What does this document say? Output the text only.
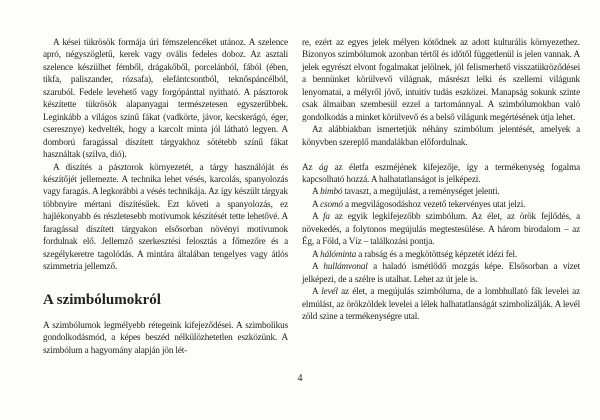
A kései tükrösök formája úri fémszelencéket utánoz. A szelence apró, négyszögletű, kerek vagy ovális fedeles doboz. Az asztali szelence készülhet fémből, drágakőből, porcelánból, fából (ében, tikfa, paliszander, rózsafa), elefántcsontból, teknőspáncélból, szaruból. Fedele levehető vagy forgópánttal nyitható. A pásztorok készítette tükrösök alapanyagai természetesen egyszerűbbek. Leginkább a világos színű fákat (vadkörte, jávor, kecskerágó, éger, cseresznye) kedvelték, hogy a karcolt minta jól látható legyen. A domború faragással díszített tárgyakhoz sötétebb színű fákat használtak (szilva, dió).

A díszítés a pásztorok környezetét, a tárgy használóját és készítőjét jellemezte. A technika lehet vésés, karcolás, spanyolozás vagy faragás. A legkorábbi a vésés technikája. Az így készült tárgyak többnyire mértani díszítésűek. Ezt követi a spanyolozás, ez hajlékonyabb és részletesebb motívumok készítését tette lehetővé. A faragással díszített tárgyakon elsősorban növényi motívumok fordulnak elő. Jellemző szerkesztési felosztás a főmezőre és a szegélykeretre tagolódás. A mintára általában tengelyes vagy átlós szimmetria jellemző.

A szimbólumokról

A szimbólumok legmélyebb rétegeink kifejeződései. A szimbolikus gondolkodásmód, a képes beszéd nélkülözhetetlen eszközünk. A szimbólum a hagyomány alapján jön lét-

re, ezért az egyes jelek mélyen kötődnek az adott kulturális környezethez. Bizonyos szimbólumok azonban tértől és időtől függetlenül is jelen vannak. A jelek egyrészt elvont fogalmakat jelölnek, jól felismerhető visszatükröződései a bennünket körülvevő világnak, másrészt lelki és szellemi világunk lenyomatai, a mélyről jövő, intuitív tudás eszközei. Manapság sokunk szinte csak álmaiban szembesül ezzel a tartománnyal. A szimbólumokban való gondolkodás a minket körülvevő és a belső világunk megértésének útja lehet.

Az alábbiakban ismertetjük néhány szimbólum jelentését, amelyek a könyvben szereplő mandalákban előfordulnak.

Az ág az életfa eszméjének kifejezője, így a termékenység fogalma kapcsolható hozzá. A halhatatlanságot is jelképezi.

A bimbó tavaszt, a megújulást, a reménységet jelenti.

A csomó a megvilágosodáshoz vezető tekervényes utat jelzi.

A fa az egyik legkifejezőbb szimbólum. Az élet, az örök fejlődés, a növekedés, a folytonos megújulás megtestesülése. A három birodalom – az Ég, a Föld, a Víz – találkozási pontja.

A hálóminta a rabság és a megkötöttség képzetét idézi fel.

A hullámvonal a haladó ismétlődő mozgás képe. Elsősorban a vizet jelképezi, de a szélre is utalhat. Lehet az út jele is.

A levél az élet, a megújulás szimbóluma, de a lombhullató fák levelei az elmúlást, az örökzöldek levelei a lélek halhatatlanságát szimbolizálják. A levél zöld szine a termékenységre utal.

4
